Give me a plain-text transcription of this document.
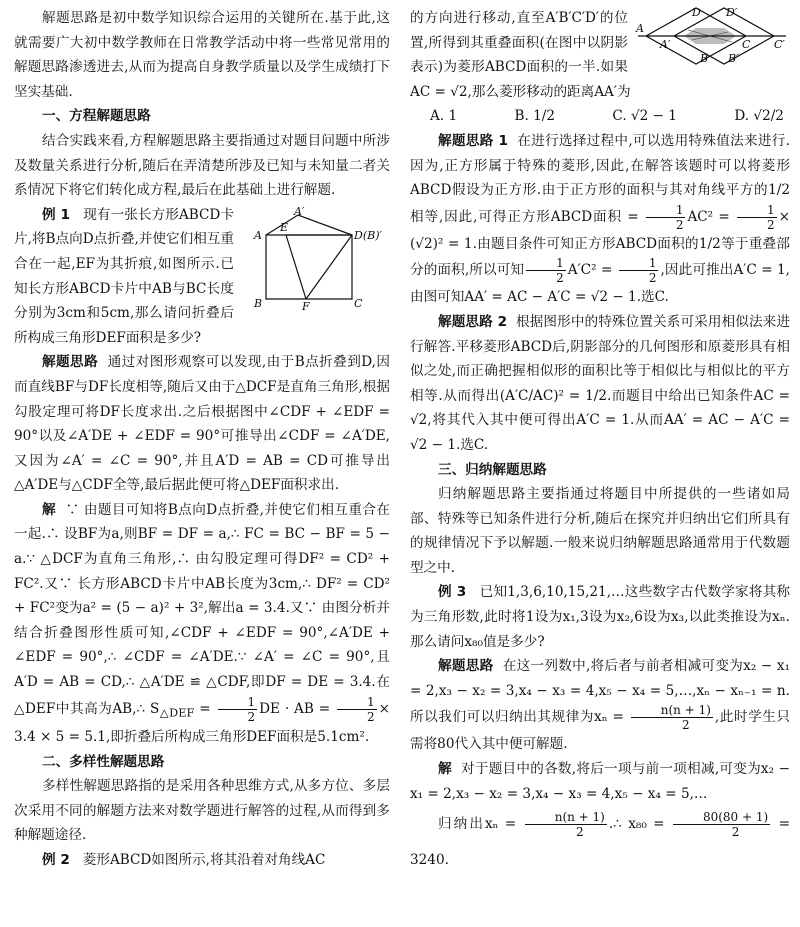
解题思路是初中数学知识综合运用的关键所在.基于此,这就需要广大初中数学教师在日常教学活动中将一些常见常用的解题思路渗透进去,从而为提高自身教学质量以及学生成绩打下坚实基础.

一、方程解题思路

结合实践来看,方程解题思路主要指通过对题目问题中所涉及数量关系进行分析,随后在弄清楚所涉及已知与未知量二者关系情况下将它们转化成方程,最后在此基础上进行解题.

A′
A
E
D(B)′
B	F	C

例 1 现有一张长方形ABCD卡片,将B点向D点折叠,并使它们相互重合在一起,EF为其折痕,如图所示.已知长方形ABCD卡片中AB与BC长度分别为3cm和5cm,那么请问折叠后所构成三角形DEF面积是多少?

解题思路 通过对图形观察可以发现,由于B点折叠到D,因而直线BF与DF长度相等,随后又由于△DCF是直角三角形,根据勾股定理可将DF长度求出.之后根据图中∠CDF + ∠EDF = 90°以及∠A′DE + ∠EDF = 90°可推导出∠CDF = ∠A′DE,又因为∠A′ = ∠C = 90°,并且A′D = AB = CD可推导出△A′DE与△CDF全等,最后据此便可将△DEF面积求出.

解 ∵ 由题目可知将B点向D点折叠,并使它们相互重合在一起.∴ 设BF为a,则BF = DF = a,∴ FC = BC − BF = 5 − a.∵ △DCF为直角三角形,∴ 由勾股定理可得DF² = CD² + FC².又∵ 长方形ABCD卡片中AB长度为3cm,∴ DF² = CD² + FC²变为a² = (5 − a)² + 3²,解出a = 3.4.又∵ 由图分析并结合折叠图形性质可知,∠CDF + ∠EDF = 90°,∠A′DE + ∠EDF = 90°,∴ ∠CDF = ∠A′DE.∵ ∠A′ = ∠C = 90°,且A′D = AB = CD,∴ △A′DE ≌ △CDF,即DF = DE = 3.4.在△DEF中其高为AB,∴ $S_{\triangle DEF} = \frac{1}{2}$ DE · AB = $\frac{1}{2} \times 3.4 \times 5 = 5.1$,即折叠后所构成三角形DEF面积是5.1cm².

二、多样性解题思路

多样性解题思路指的是采用各种思维方式,从多方位、多层次采用不同的解题方法来对数学题进行解答的过程,从而得到多种解题途径.

例 2 菱形ABCD如图所示,将其沿着对角线AC

D D′
A
A′	C C′
B B′

的方向进行移动,直至A′B′C′D′的位置,所得到其重叠面积(在图中以阴影表示)为菱形ABCD面积的一半.如果AC = √2,那么菱形移动的距离AA′为

A. 1	B. 1/2	C. √2 − 1	D. √2/2

解题思路 1 在进行选择过程中,可以选用特殊值法来进行.因为,正方形属于特殊的菱形,因此,在解答该题时可以将菱形ABCD假设为正方形.由于正方形的面积与其对角线平方的1/2相等,因此,可得正方形ABCD面积 = $\frac{1}{2} AC^2 = \frac{1}{2} \times (√2)^2 = 1$.由题目条件可知正方形ABCD面积的1/2等于重叠部分的面积,所以可知 $\frac{1}{2} A'C^2 = \frac{1}{2}$ ,因此可推出A′C = 1,由图可知AA′ = AC − A′C = √2 − 1.选C.

解题思路 2 根据图形中的特殊位置关系可采用相似法来进行解答.平移菱形ABCD后,阴影部分的几何图形和原菱形具有相似之处,而正确把握相似形的面积比等于相似比与相似比的平方相等.从而得出(A′C/AC)² = 1/2.而题目中给出已知条件AC = √2,将其代入其中便可得出A′C = 1.从而AA′ = AC − A′C = √2 − 1.选C.

三、归纳解题思路

归纳解题思路主要指通过将题目中所提供的一些诸如局部、特殊等已知条件进行分析,随后在探究并归纳出它们所具有的规律情况下予以解题.一般来说归纳解题思路通常用于代数题型之中.

例 3 已知1,3,6,10,15,21,…这些数字古代数学家将其称为三角形数,此时将1设为x₁,3设为x₂,6设为x₃,以此类推设为xₙ.那么请问x₈₀值是多少?

解题思路 在这一列数中,将后者与前者相减可变为x₂ − x₁ = 2,x₃ − x₂ = 3,x₄ − x₃ = 4,x₅ − x₄ = 5,…,xₙ − xₙ₋₁ = n.所以我们可以归纳出其规律为$x_n = \frac{n(n + 1)}{2}$ ,此时学生只需将80代入其中便可解题.

解 对于题目中的各数,将后一项与前一项相减,可变为x₂ − x₁ = 2,x₃ − x₂ = 3,x₄ − x₃ = 4,x₅ − x₄ = 5,…

归纳出$x_n = \frac{n(n + 1)}{2}$ .∴ $x_{80} = \frac{80(80 + 1)}{2} = 3240$.
